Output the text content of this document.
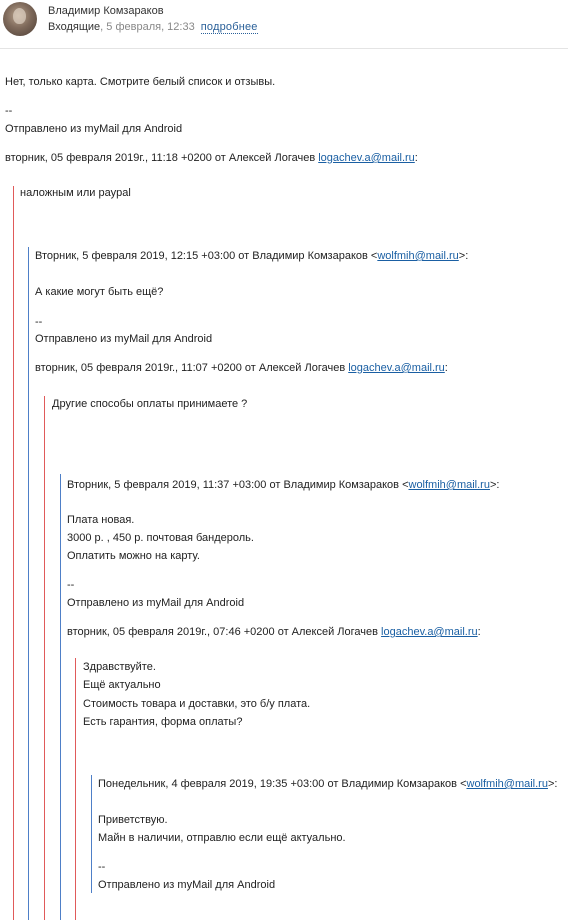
Владимир Комзараков
Входящие, 5 февраля, 12:33 подробнее
Нет, только карта. Смотрите белый список и отзывы.
--
Отправлено из myMail для Android
вторник, 05 февраля 2019г., 11:18 +0200 от Алексей Логачев logachev.a@mail.ru:
наложным или paypal
Вторник, 5 февраля 2019, 12:15 +03:00 от Владимир Комзараков <wolfmih@mail.ru>:
А какие могут быть ещё?
--
Отправлено из myMail для Android
вторник, 05 февраля 2019г., 11:07 +0200 от Алексей Логачев logachev.a@mail.ru:
Другие способы оплаты принимаете ?
Вторник, 5 февраля 2019, 11:37 +03:00 от Владимир Комзараков <wolfmih@mail.ru>:
Плата новая.
3000 р. , 450 р. почтовая бандероль.
Оплатить можно на карту.
--
Отправлено из myMail для Android
вторник, 05 февраля 2019г., 07:46 +0200 от Алексей Логачев logachev.a@mail.ru:
Здравствуйте.
Ещё актуально
Стоимость товара и доставки, это б/у плата.
Есть гарантия, форма оплаты?
Понедельник, 4 февраля 2019, 19:35 +03:00 от Владимир Комзараков <wolfmih@mail.ru>:
Приветствую.
Майн в наличии, отправлю если ещё актуально.
--
Отправлено из myMail для Android
